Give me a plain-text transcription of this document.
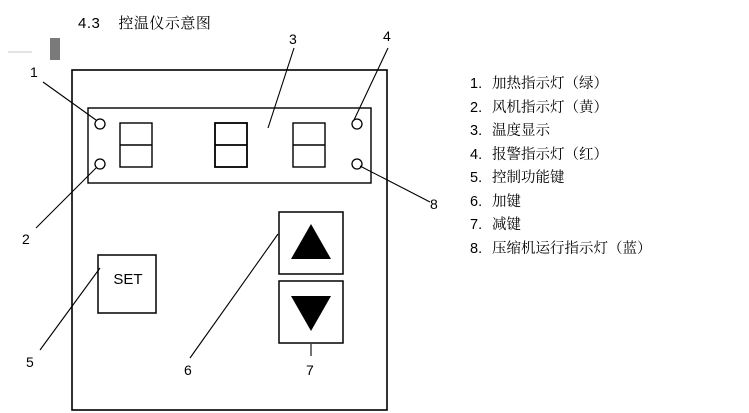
4.3 控温仪示意图
SET
1
2
3	4
5	6	7
8
1. 加热指示灯（绿）
2. 风机指示灯（黄）
3. 温度显示
4. 报警指示灯（红）
5. 控制功能键
6. 加键
7. 减键
8. 压缩机运行指示灯（蓝）
